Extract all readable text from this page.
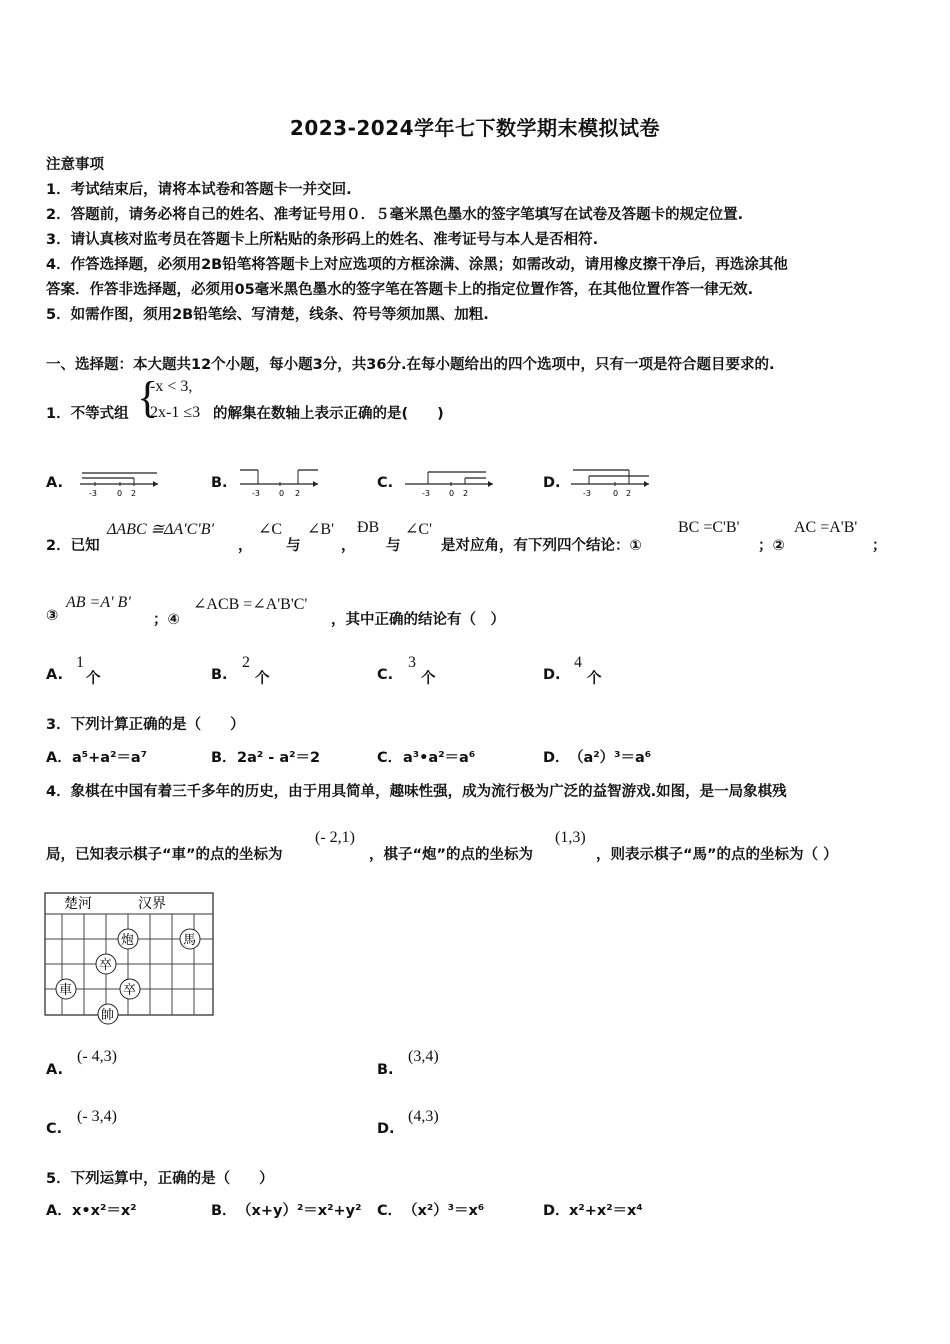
2023-2024学年七下数学期末模拟试卷
注意事项
1．考试结束后，请将本试卷和答题卡一并交回.
2．答题前，请务必将自己的姓名、准考证号用０．５毫米黑色墨水的签字笔填写在试卷及答题卡的规定位置.
3．请认真核对监考员在答题卡上所粘贴的条形码上的姓名、准考证号与本人是否相符.
4．作答选择题，必须用2B铅笔将答题卡上对应选项的方框涂满、涂黑；如需改动，请用橡皮擦干净后，再选涂其他
答案．作答非选择题，必须用05毫米黑色墨水的签字笔在答题卡上的指定位置作答，在其他位置作答一律无效.
5．如需作图，须用2B铅笔绘、写清楚，线条、符号等须加黑、加粗.
一、选择题：本大题共12个小题，每小题3分，共36分.在每小题给出的四个选项中，只有一项是符合题目要求的.
1．不等式组 {
-x < 3,
2x-1 ≤3 的解集在数轴上表示正确的是(　　)
A.
-3	0 2
B.
-3 0 2
C.
-3 0 2
D.
-3	0 2
2．已知
ΔABC ≅ΔA'C'B'
，
∠C
与
∠B'
，
ÐB
与
∠C'
是对应角，有下列四个结论：①
BC =C'B'
；②
AC =A'B'
；
③
AB =A' B'
；④
∠ACB =∠A'B'C'
，其中正确的结论有（　）
A.
1
个	B.
2
个	C.
3
个	D.
4
个
3．下列计算正确的是（　　）
A． a⁵+a²＝a⁷	B． 2a² - a²＝2	C． a³•a²＝a⁶	D． （a²）³＝a⁶
4．象棋在中国有着三千多年的历史，由于用具简单，趣味性强，成为流行极为广泛的益智游戏.如图，是一局象棋残
局，已知表示棋子“車”的点的坐标为
(- 2,1)
，棋子“炮”的点的坐标为
(1,3)
，则表示棋子“馬”的点的坐标为（ ）
楚河	汉界
炮	馬
卒
車	卒
帥
A.
(- 4,3)
B.
(3,4)
C.
(- 3,4)
D.
(4,3)
5．下列运算中，正确的是（　　）
A． x•x²＝x²	B． （x+y）²＝x²+y² C． （x²）³＝x⁶	D． x²+x²＝x⁴
